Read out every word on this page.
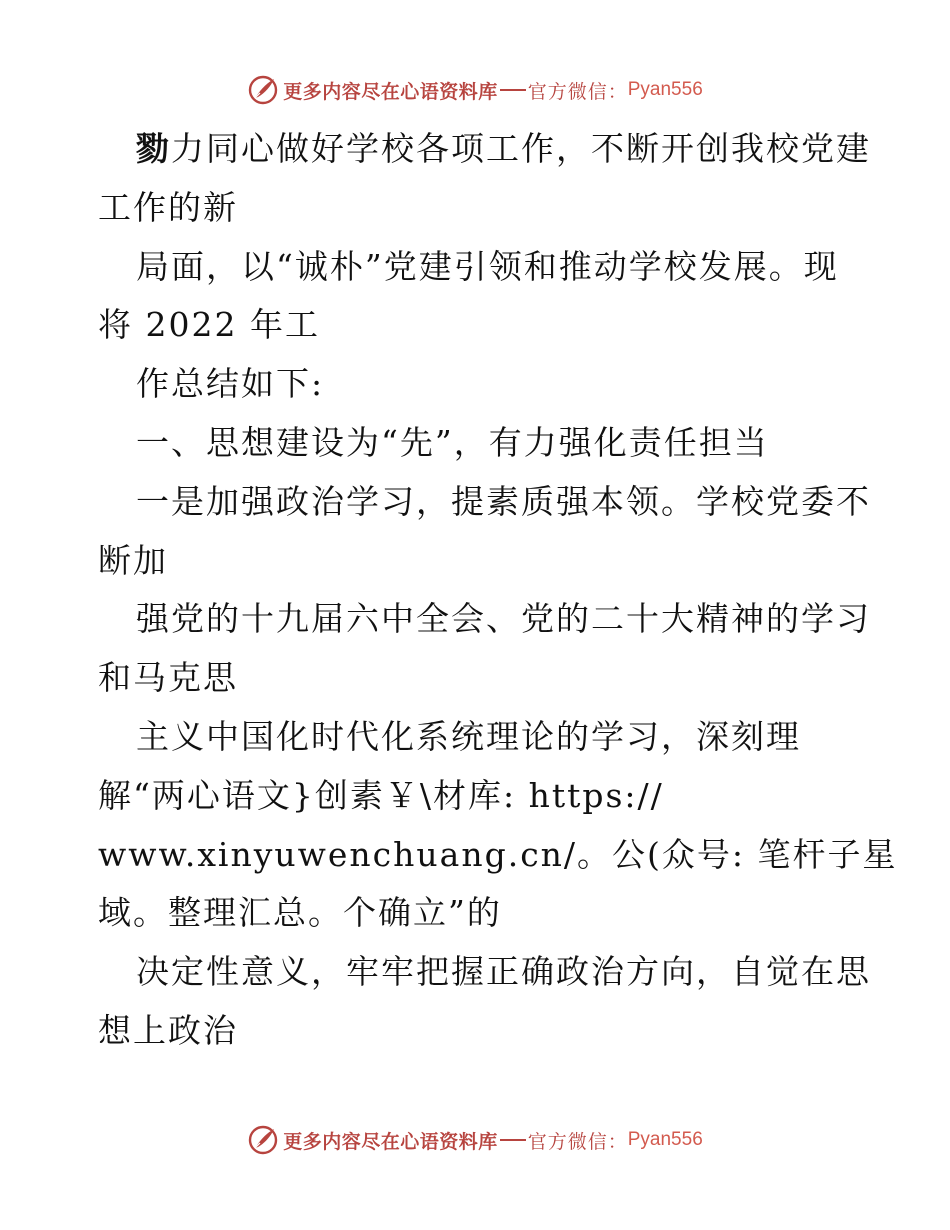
更多内容尽在心语资料库 官方微信： Pyan556
勠力同心做好学校各项工作，不断开创我校党建
工作的新
局面，以“诚朴”党建引领和推动学校发展。现
将 2022 年工
作总结如下:
一、思想建设为“先”，有力强化责任担当
一是加强政治学习，提素质强本领。学校党委不
断加
强党的十九届六中全会、党的二十大精神的学习
和马克思
主义中国化时代化系统理论的学习，深刻理
解“两心语文}创素￥\材库: https://
www.xinyuwenchuang.cn/。公(众号: 笔杆子星
域。整理汇总。个确立”的
决定性意义，牢牢把握正确政治方向，自觉在思
想上政治
更多内容尽在心语资料库 官方微信： Pyan556
